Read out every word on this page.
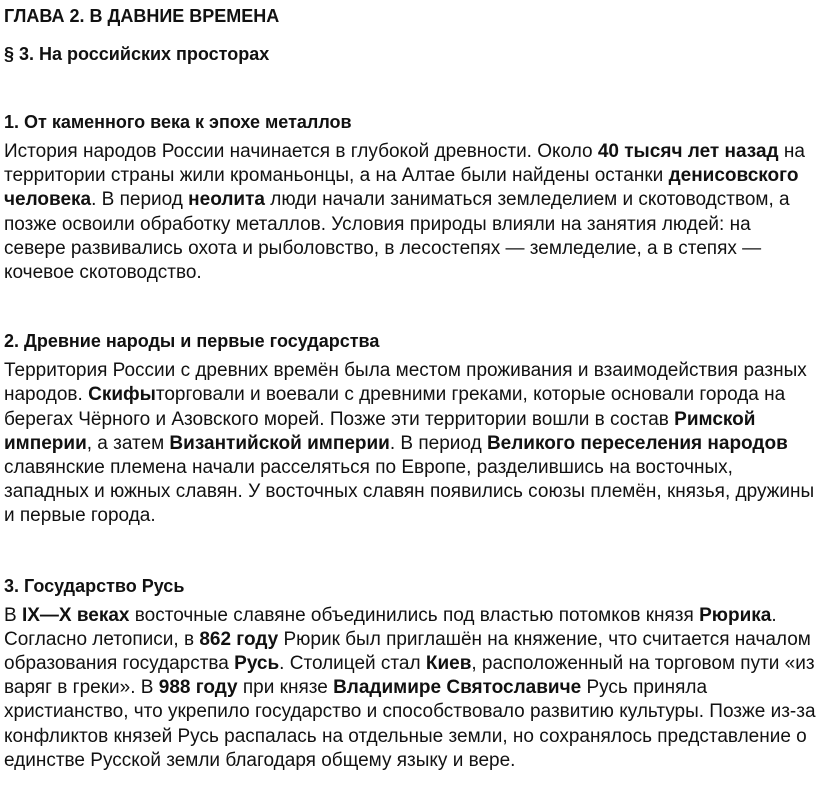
ГЛАВА 2. В ДАВНИЕ ВРЕМЕНА
§ 3. На российских просторах
1. От каменного века к эпохе металлов

История народов России начинается в глубокой древности. Около 40 тысяч лет назад на территории страны жили кроманьонцы, а на Алтае были найдены останки денисовского человека. В период неолита люди начали заниматься земледелием и скотоводством, а позже освоили обработку металлов. Условия природы влияли на занятия людей: на севере развивались охота и рыболовство, в лесостепях — земледелие, а в степях — кочевое скотоводство.

2. Древние народы и первые государства

Территория России с древних времён была местом проживания и взаимодействия разных народов. Скифыторговали и воевали с древними греками, которые основали города на берегах Чёрного и Азовского морей. Позже эти территории вошли в состав Римской империи, а затем Византийской империи. В период Великого переселения народов славянские племена начали расселяться по Европе, разделившись на восточных, западных и южных славян. У восточных славян появились союзы племён, князья, дружины и первые города.

3. Государство Русь

В IX—X веках восточные славяне объединились под властью потомков князя Рюрика. Согласно летописи, в 862 году Рюрик был приглашён на княжение, что считается началом образования государства Русь. Столицей стал Киев, расположенный на торговом пути «из варяг в греки». В 988 году при князе Владимире Святославиче Русь приняла христианство, что укрепило государство и способствовало развитию культуры. Позже из-за конфликтов князей Русь распалась на отдельные земли, но сохранялось представление о единстве Русской земли благодаря общему языку и вере.
